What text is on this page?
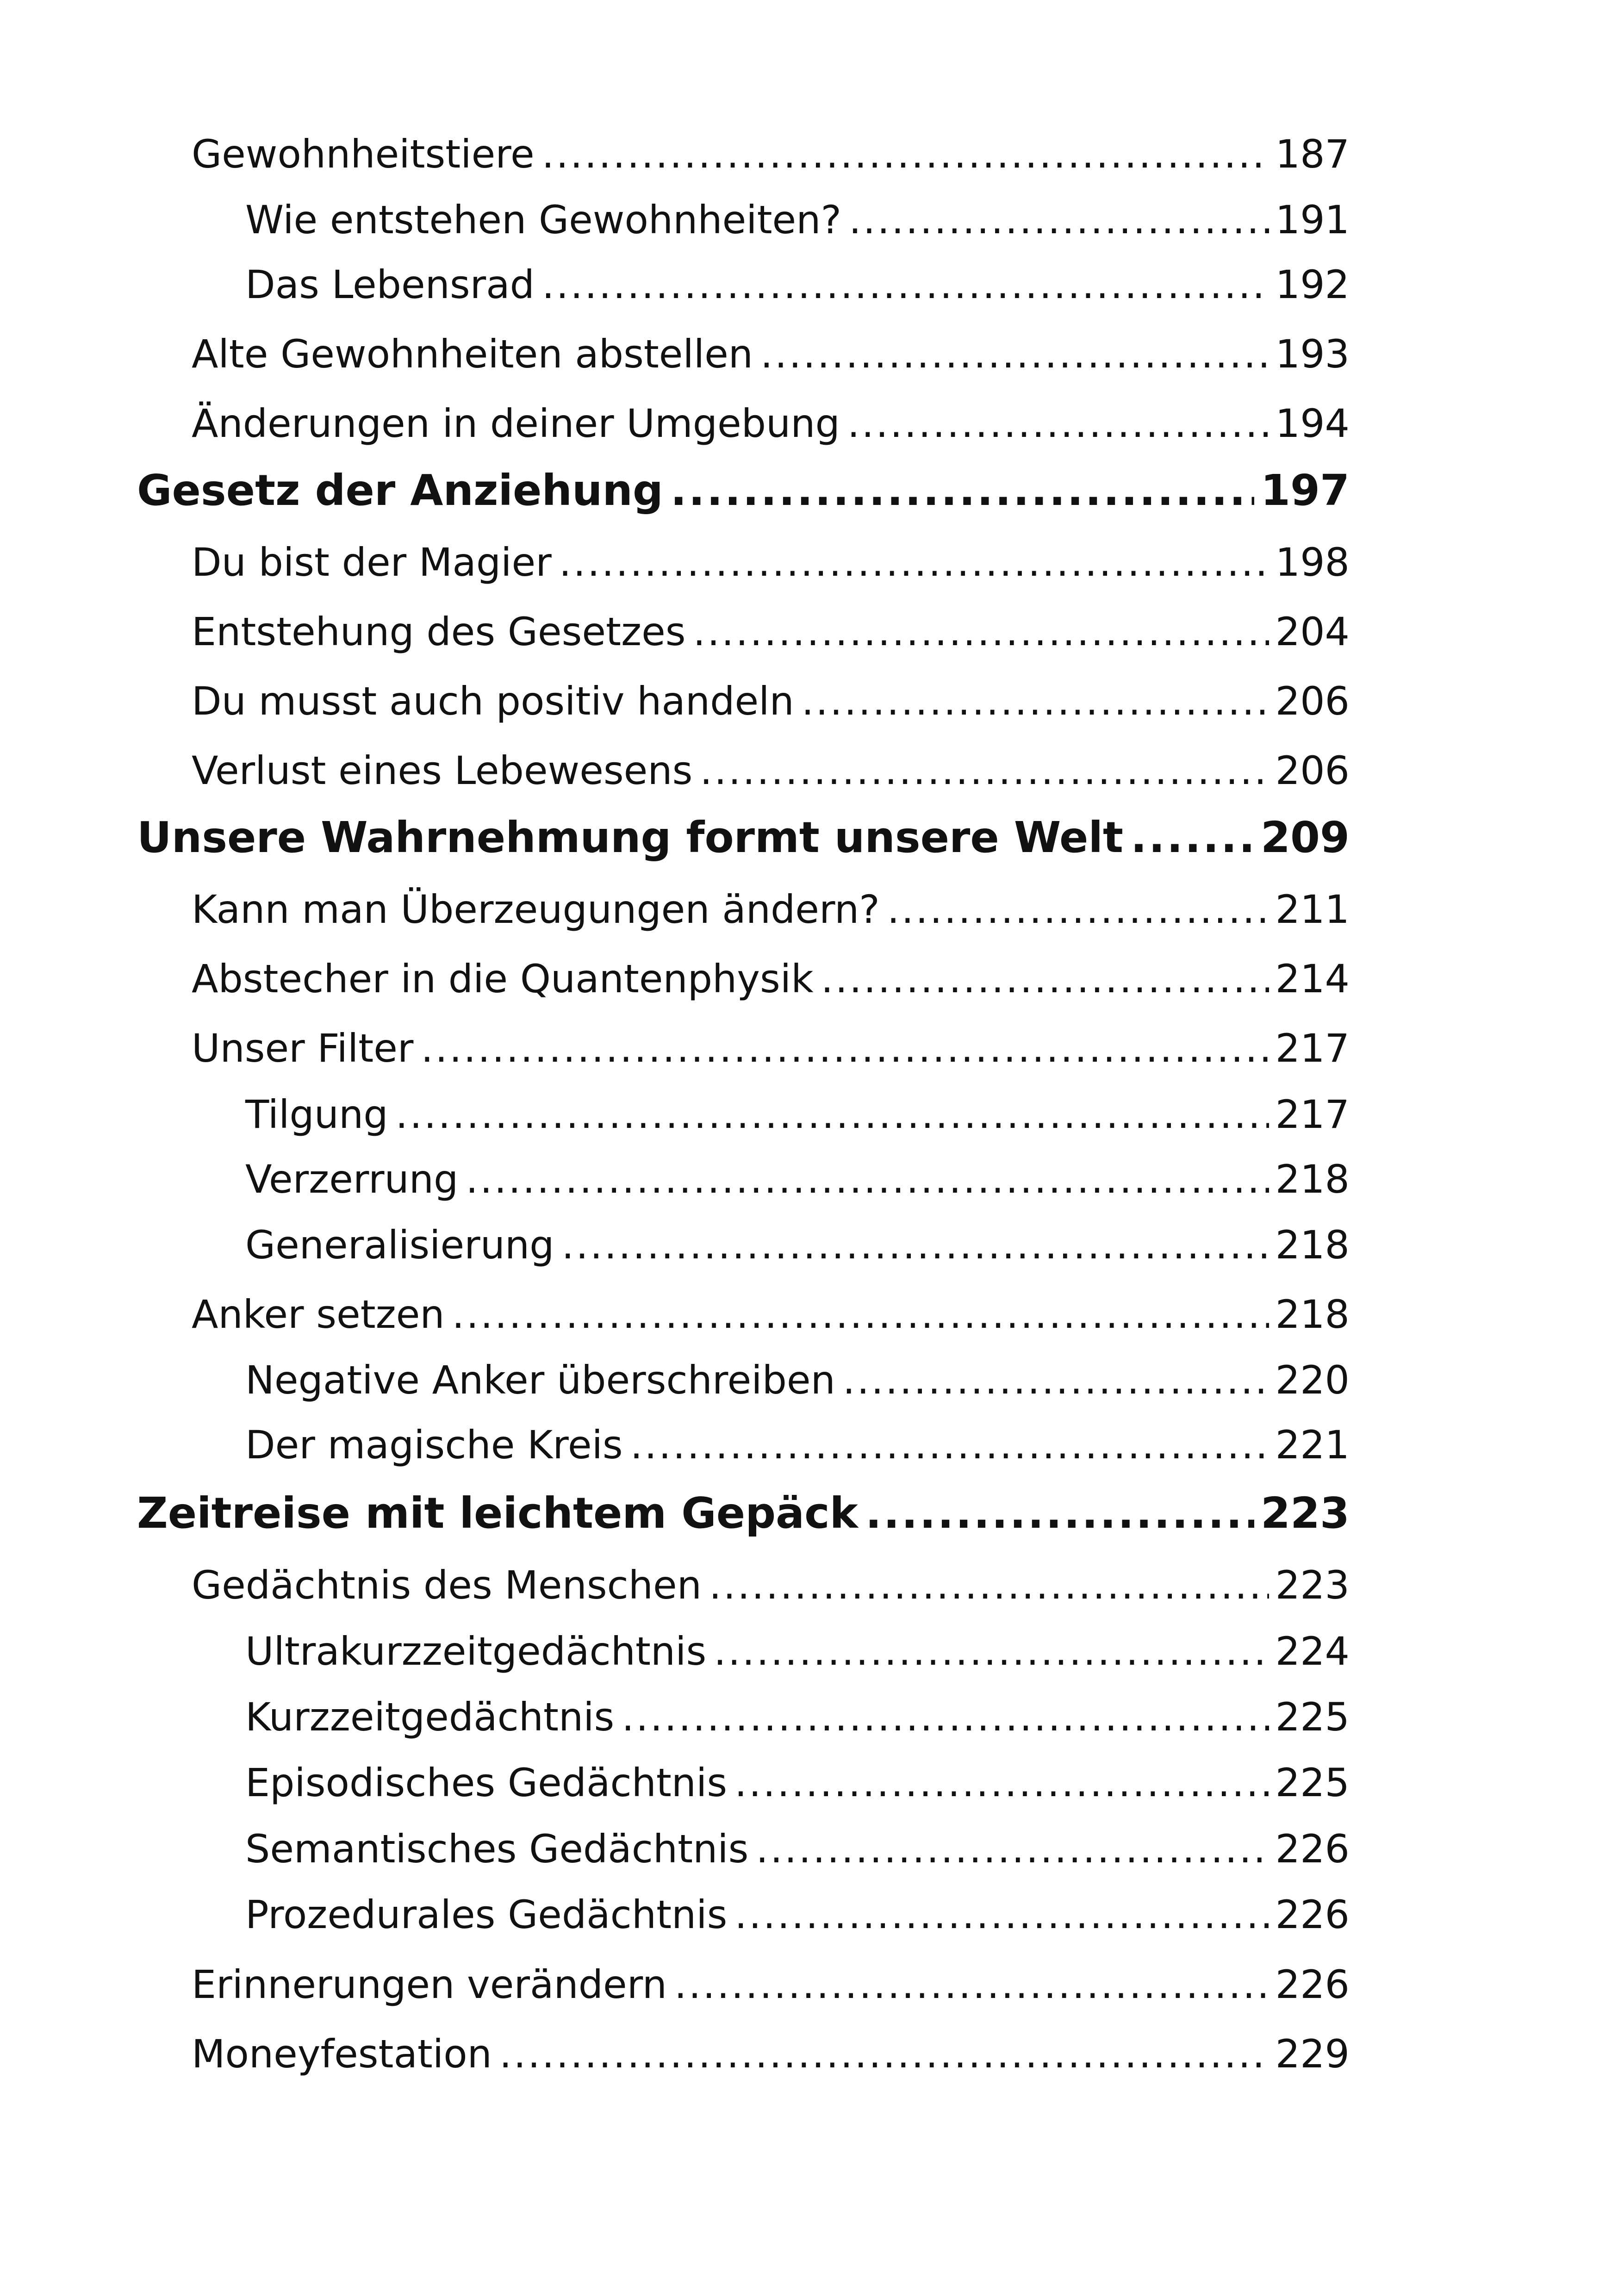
Gewohnheitstiere .....	187
Wie entstehen Gewohnheiten? .....	191
Das Lebensrad .....	192
Alte Gewohnheiten abstellen .....	193
Änderungen in deiner Umgebung .....	194
Gesetz der Anziehung .....	197
Du bist der Magier .....	198
Entstehung des Gesetzes .....	204
Du musst auch positiv handeln .....	206
Verlust eines Lebewesens .....	206
Unsere Wahrnehmung formt unsere Welt .....	209
Kann man Überzeugungen ändern? .....	211
Abstecher in die Quantenphysik .....	214
Unser Filter .....	217
Tilgung .....	217
Verzerrung .....	218
Generalisierung .....	218
Anker setzen .....	218
Negative Anker überschreiben .....	220
Der magische Kreis .....	221
Zeitreise mit leichtem Gepäck .....	223
Gedächtnis des Menschen .....	223
Ultrakurzzeitgedächtnis .....	224
Kurzzeitgedächtnis .....	225
Episodisches Gedächtnis .....	225
Semantisches Gedächtnis .....	226
Prozedurales Gedächtnis .....	226
Erinnerungen verändern .....	226
Moneyfestation .....	229
